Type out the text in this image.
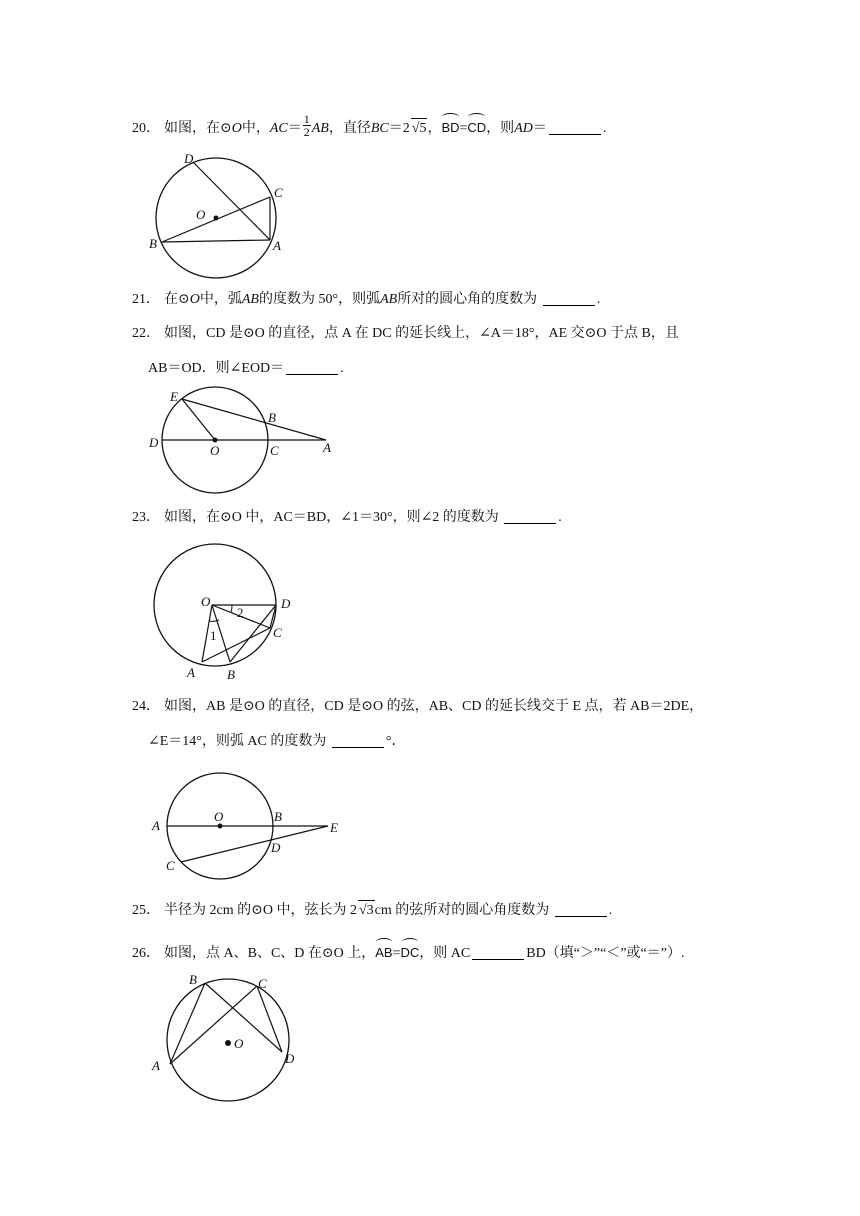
20． 如图，在⊙O中，$AC= \frac{1}{2}$ AB，直径BC＝2 √5，BD=CD，则AD＝	.
D
C
O
B	A
21． 在⊙O中，弧AB的度数为 50°，则弧AB所对的圆心角的度数为	.
22． 如图，CD 是⊙O 的直径，点 A 在 DC 的延长线上，∠A＝18°，AE 交⊙O 于点 B，且
AB＝OD．则∠EOD＝	.
E
B
D
O	C	A
23． 如图，在⊙O 中，AC＝BD，∠1＝30°，则∠2 的度数为	.
O	D
2
1	C
A B
24． 如图，AB 是⊙O 的直径，CD 是⊙O 的弦，AB、CD 的延长线交于 E 点，若 AB＝2DE，
∠E＝14°，则弧 AC 的度数为	°．
A
O	B
E
D
C
25． 半径为 2cm 的⊙O 中，弦长为 2 √3cm 的弦所对的圆心角度数为	.
26． 如图，点 A、B、C、D 在⊙O 上，AB=DC，则 AC	BD（填“＞”“＜”或“＝”）.
B	C
O
A	D
